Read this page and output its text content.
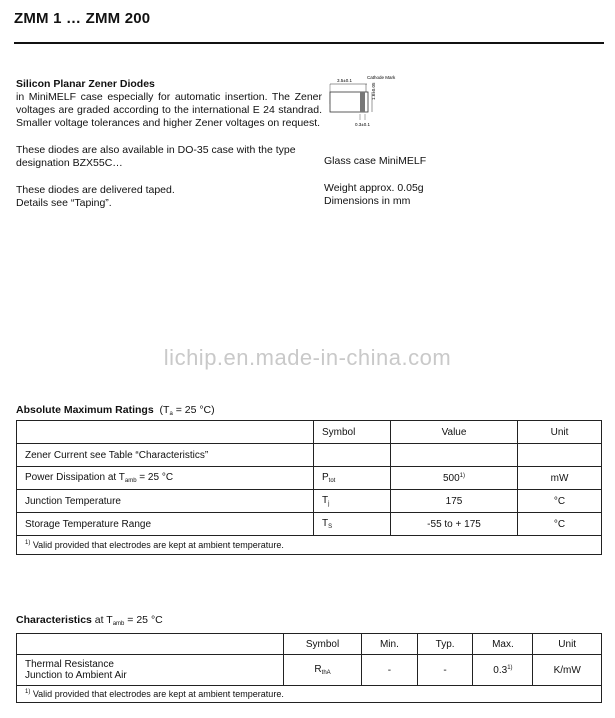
ZMM 1 … ZMM 200

Silicon Planar Zener Diodes

in MiniMELF case especially for automatic insertion. The Zener voltages are graded according to the international E 24 standrad. Smaller voltage tolerances and higher Zener voltages on request.

These diodes are also available in DO-35 case with the type designation BZX55C…

These diodes are delivered taped.

Details see “Taping”.

3.5±0.1
Cathode Mark
1.6±0.05
0.3±0.1

Glass case MiniMELF

Weight approx. 0.05g

Dimensions in mm

lichip.en.made-in-china.com
Absolute Maximum Ratings ($T_a = 25$ °C)
	Symbol	Value	Unit
Zener Current see Table “Characteristics”			
Power Dissipation at $T_{amb} = 25$ °C	$P_{tot}$	500$^{1)}$	mW
Junction Temperature	$T_j$	175	°C
Storage Temperature Range	$T_S$	-55 to + 175	°C
$^{1)}$ Valid provided that electrodes are kept at ambient temperature.			
Characteristics at $T_{amb} = 25$ °C
	Symbol	Min.	Typ.	Max.	Unit
Thermal Resistance
Junction to Ambient Air	$R_{thA}$	-	-	0.3$^{1)}$	K/mW
$^{1)}$ Valid provided that electrodes are kept at ambient temperature.					
